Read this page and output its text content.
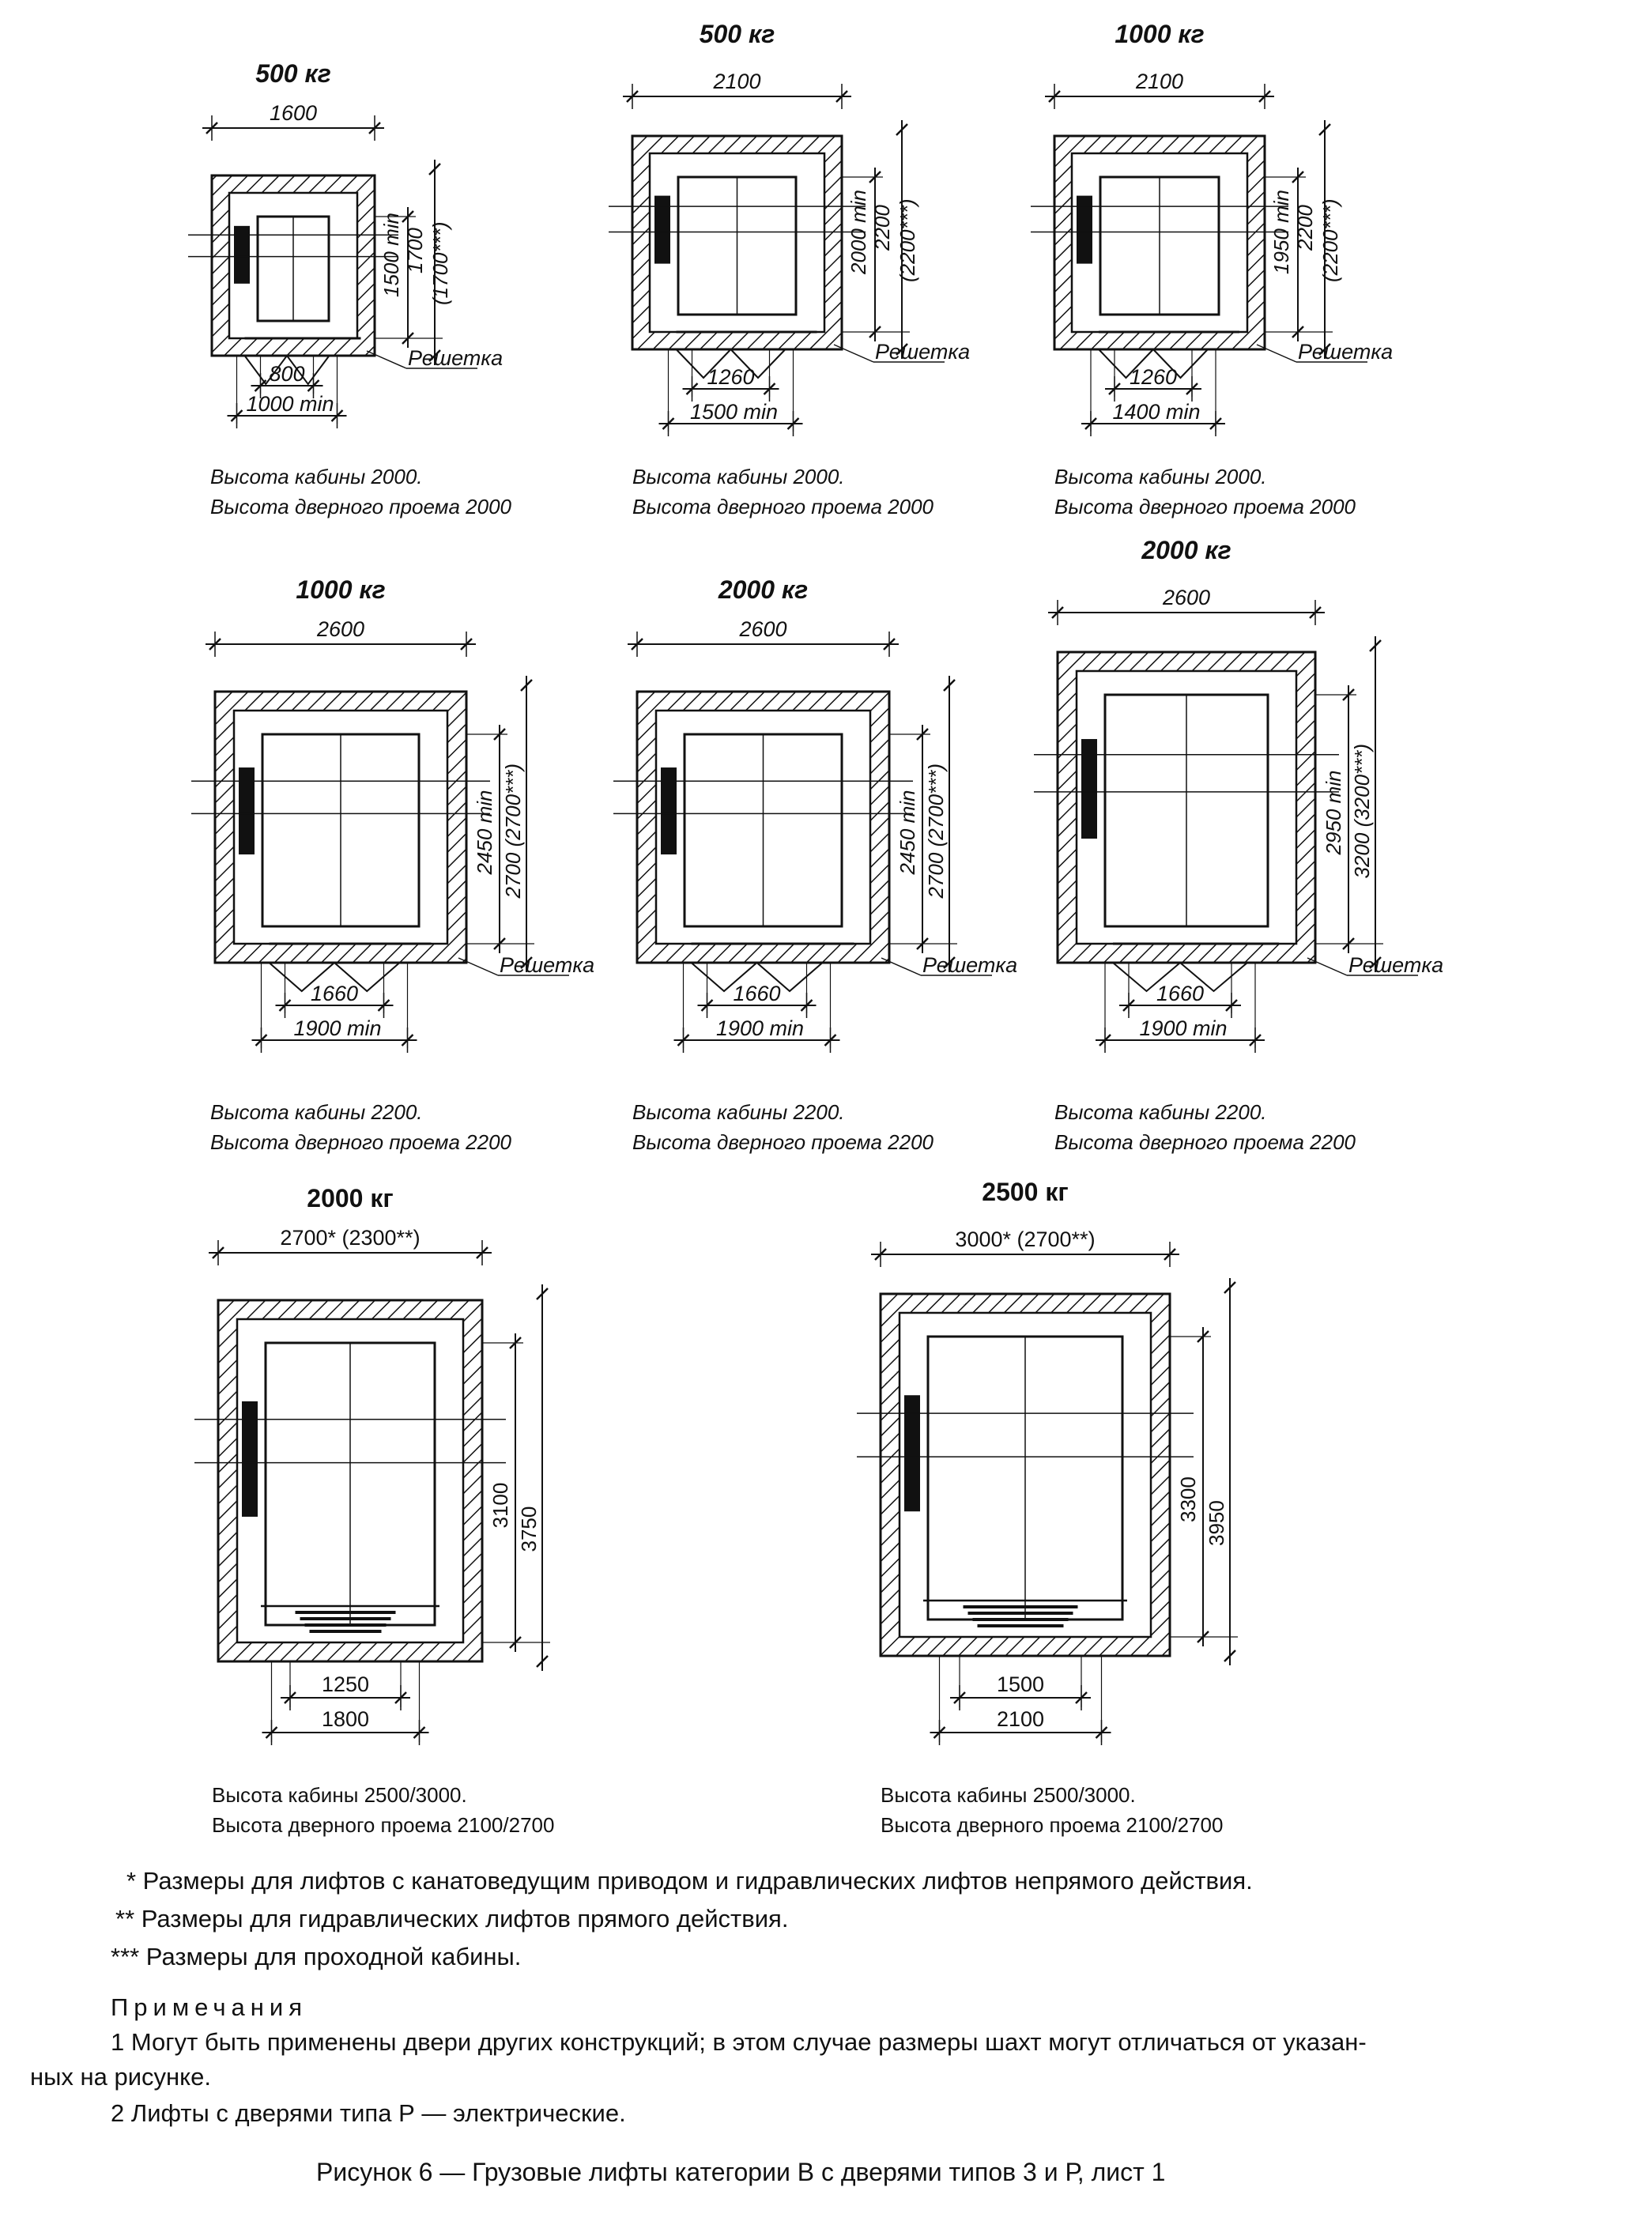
500 кг
1600
1500 min 1700 (1700***)
800
1000 min
Решетка
Высота кабины 2000.
Высота дверного проема 2000
500 кг
2100
2000 min 2200 (2200***)
1260
1500 min
Решетка
Высота кабины 2000.
Высота дверного проема 2000
1000 кг
2100
1950 min 2200 (2200***)
1260
1400 min
Решетка
Высота кабины 2000.
Высота дверного проема 2000
1000 кг
2600
2450 min 2700 (2700***)
1660
1900 min
Решетка
Высота кабины 2200.
Высота дверного проема 2200
2000 кг
2600
2450 min 2700 (2700***)
1660
1900 min
Решетка
Высота кабины 2200.
Высота дверного проема 2200
2000 кг
2600
2950 min 3200 (3200***)
1660
1900 min
Решетка
Высота кабины 2200.
Высота дверного проема 2200
2000 кг
2700* (2300**)
3100
3750
1250
1800
Высота кабины 2500/3000.
Высота дверного проема 2100/2700
2500 кг
3000* (2700**)
3300
3950
1500
2100
Высота кабины 2500/3000.
Высота дверного проема 2100/2700
* Размеры для лифтов с канатоведущим приводом и гидравлических лифтов непрямого действия.
** Размеры для гидравлических лифтов прямого действия.
*** Размеры для проходной кабины.
Примечания
1 Могут быть применены двери других конструкций; в этом случае размеры шахт могут отличаться от указан-
ных на рисунке.
2 Лифты с дверями типа Р — электрические.
Рисунок 6 — Грузовые лифты категории В с дверями типов 3 и Р, лист 1
